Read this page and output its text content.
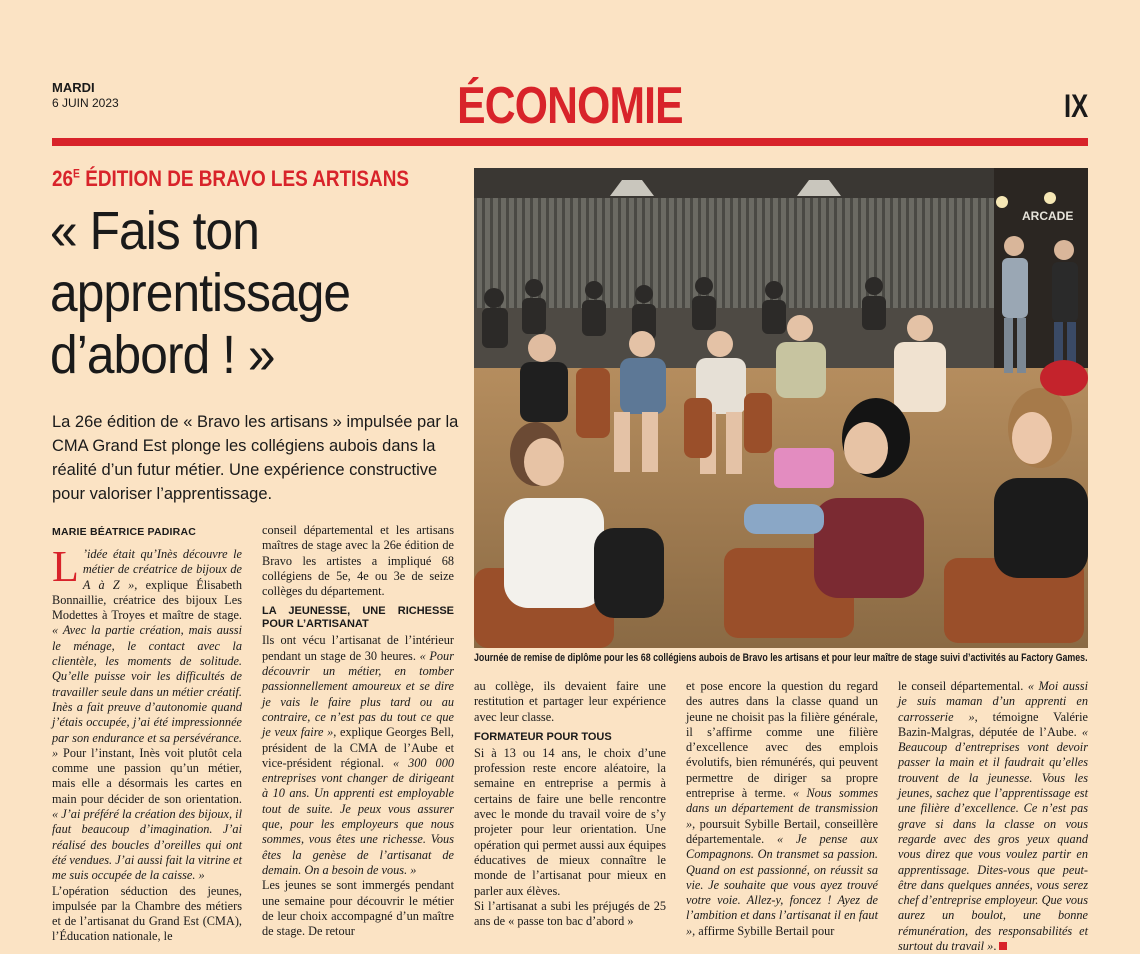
MARDI
6 JUIN 2023	ÉCONOMIE	IX
$26^E$ ÉDITION DE BRAVO LES ARTISANS
« Fais ton apprentissage d’abord ! »
La 26e édition de « Bravo les artisans » impulsée par la CMA Grand Est plonge les collégiens aubois dans la réalité d’un futur métier. Une expérience constructive pour valoriser l’apprentissage.
MARIE BÉATRICE PADIRAC

L ’idée était qu’Inès découvre le métier de créatrice de bijoux de A à Z », explique Élisabeth Bonnaillie, créatrice des bijoux Les Modettes à Troyes et maître de stage. « Avec la partie création, mais aussi le ménage, le contact avec la clientèle, les moments de solitude. Qu’elle puisse voir les difficultés de travailler seule dans un métier créatif. Inès a fait preuve d’autonomie quand j’étais occupée, j’ai été impressionnée par son endurance et sa persévérance. » Pour l’instant, Inès voit plutôt cela comme une passion qu’un métier, mais elle a désormais les cartes en main pour décider de son orientation. « J’ai préféré la création des bijoux, il faut beaucoup d’imagination. J’ai réalisé des boucles d’oreilles qui ont été vendues. J’ai aussi fait la vitrine et me suis occupée de la caisse. »

L’opération séduction des jeunes, impulsée par la Chambre des métiers et de l’artisanat du Grand Est (CMA), l’Éducation nationale, le

conseil départemental et les artisans maîtres de stage avec la 26e édition de Bravo les artistes a impliqué 68 collégiens de 5e, 4e ou 3e de seize collèges du département.

LA JEUNESSE, UNE RICHESSE POUR L’ARTISANAT

Ils ont vécu l’artisanat de l’intérieur pendant un stage de 30 heures. « Pour découvrir un métier, en tomber passionnellement amoureux et se dire je vais le faire plus tard ou au contraire, ce n’est pas du tout ce que je veux faire », explique Georges Bell, président de la CMA de l’Aube et vice-président régional. « 300 000 entreprises vont changer de dirigeant à 10 ans. Un apprenti est employable tout de suite. Je peux vous assurer que, pour les employeurs que nous sommes, vous êtes une richesse. Vous êtes la genèse de l’artisanat de demain. On a besoin de vous. »

Les jeunes se sont immergés pendant une semaine pour découvrir le métier de leur choix accompagné d’un maître de stage. De retour

ARCADE
Journée de remise de diplôme pour les 68 collégiens aubois de Bravo les artisans et pour leur maître de stage suivi d’activités au Factory Games.

au collège, ils devaient faire une restitution et partager leur expérience avec leur classe.

FORMATEUR POUR TOUS

Si à 13 ou 14 ans, le choix d’une profession reste encore aléatoire, la semaine en entreprise a permis à certains de faire une belle rencontre avec le monde du travail voire de s’y projeter pour leur orientation. Une opération qui permet aussi aux équipes éducatives de mieux connaître le monde de l’artisanat pour mieux en parler aux élèves.

Si l’artisanat a subi les préjugés de 25 ans de « passe ton bac d’abord »

et pose encore la question du regard des autres dans la classe quand un jeune ne choisit pas la filière générale, il s’affirme comme une filière d’excellence avec des emplois évolutifs, bien rémunérés, qui peuvent permettre de diriger sa propre entreprise à terme. « Nous sommes dans un département de transmission », poursuit Sybille Bertail, conseillère départementale. « Je pense aux Compagnons. On transmet sa passion. Quand on est passionné, on réussit sa vie. Je souhaite que vous ayez trouvé votre voie. Allez-y, foncez ! Ayez de l’ambition et dans l’artisanat il en faut », affirme Sybille Bertail pour

le conseil départemental. « Moi aussi je suis maman d’un apprenti en carrosserie », témoigne Valérie Bazin-Malgras, députée de l’Aube. « Beaucoup d’entreprises vont devoir passer la main et il faudrait qu’elles trouvent de la jeunesse. Vous les jeunes, sachez que l’apprentissage est une filière d’excellence. Ce n’est pas grave si dans la classe on vous regarde avec des gros yeux quand vous direz que vous voulez partir en apprentissage. Dites-vous que peut-être dans quelques années, vous serez chef d’entreprise employeur. Que vous aurez un boulot, une bonne rémunération, des responsabilités et surtout du travail ».
